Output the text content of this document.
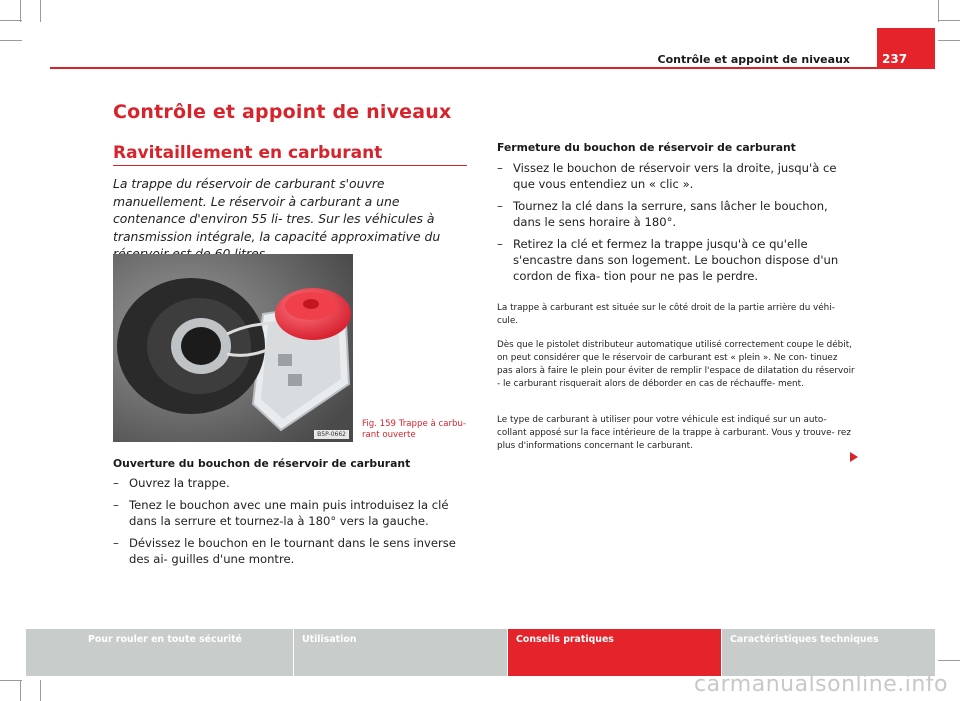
Contrôle et appoint de niveaux	237
Contrôle et appoint de niveaux
Ravitaillement en carburant

La trappe du réservoir de carburant s'ouvre manuellement. Le réservoir à carburant a une contenance d'environ 55 li- tres. Sur les véhicules à transmission intégrale, la capacité approximative du

B5P-0662

Fig. 159 Trappe à carbu- rant ouverte

Ouverture du bouchon de réservoir de carburant

– Ouvrez la trappe.
– Tenez le bouchon avec une main puis introduisez la clé dans la serrure et tournez-la à 180° vers la gauche.
– Dévissez le bouchon en le tournant dans le sens inverse des ai- guilles d'une montre.

Fermeture du bouchon de réservoir de carburant

– Vissez le bouchon de réservoir vers la droite, jusqu'à ce que vous entendiez un « clic ».
– Tournez la clé dans la serrure, sans lâcher le bouchon, dans le sens horaire à 180°.
– Retirez la clé et fermez la trappe jusqu'à ce qu'elle s'encastre dans son logement. Le bouchon dispose d'un cordon de fixa- tion pour ne pas le perdre.

La trappe à carburant est située sur le côté droit de la partie arrière du véhi- cule.

Dès que le pistolet distributeur automatique utilisé correctement coupe le débit, on peut considérer que le réservoir de carburant est « plein ». Ne con- tinuez pas alors à faire le plein pour éviter de remplir l'espace de dilatation du réservoir - le carburant risquerait alors de déborder en cas de réchauffe- ment.

Le type de carburant à utiliser pour votre véhicule est indiqué sur un auto- collant apposé sur la face intérieure de la trappe à carburant. Vous y trouve- rez plus d'informations concernant le carburant.

Pour rouler en toute sécurité	Utilisation	Conseils pratiques	Caractéristiques techniques
carmanualsonline.info
